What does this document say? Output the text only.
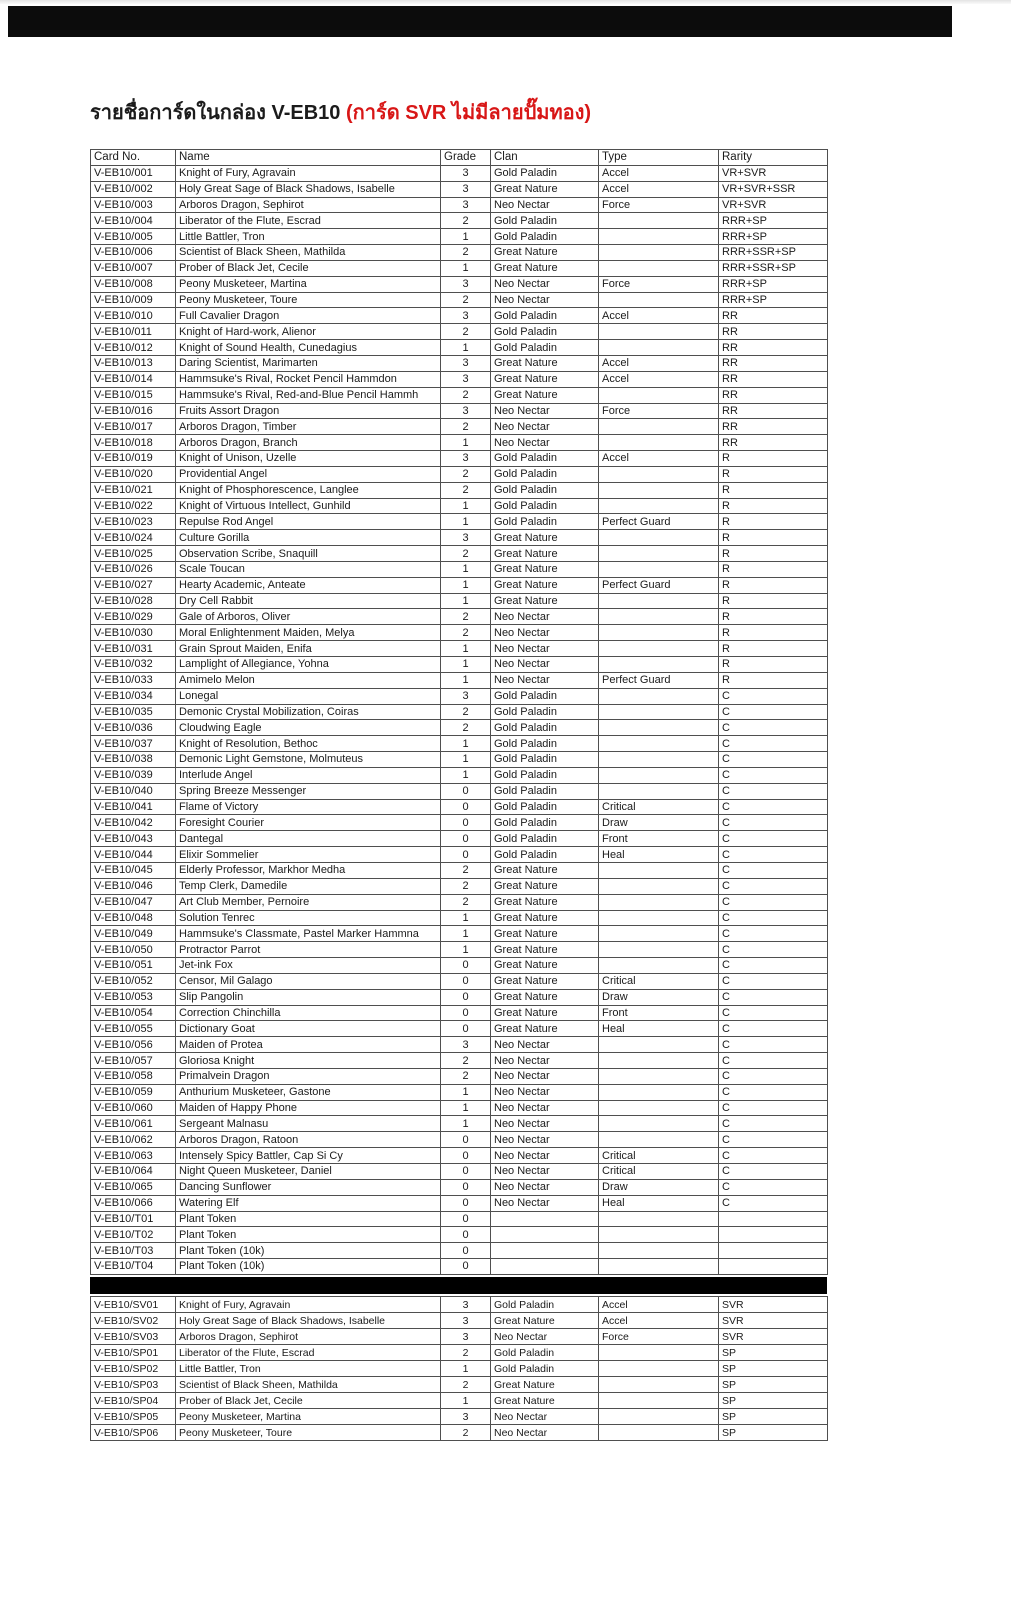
รายชื่อการ์ดในกล่อง V-EB10 (การ์ด SVR ไม่มีลายปั๊มทอง)
Card No.	Name	Grade	Clan	Type	Rarity
V-EB10/001	Knight of Fury, Agravain	3	Gold Paladin	Accel	VR+SVR
V-EB10/002	Holy Great Sage of Black Shadows, Isabelle	3	Great Nature	Accel	VR+SVR+SSR
V-EB10/003	Arboros Dragon, Sephirot	3	Neo Nectar	Force	VR+SVR
V-EB10/004	Liberator of the Flute, Escrad	2	Gold Paladin		RRR+SP
V-EB10/005	Little Battler, Tron	1	Gold Paladin		RRR+SP
V-EB10/006	Scientist of Black Sheen, Mathilda	2	Great Nature		RRR+SSR+SP
V-EB10/007	Prober of Black Jet, Cecile	1	Great Nature		RRR+SSR+SP
V-EB10/008	Peony Musketeer, Martina	3	Neo Nectar	Force	RRR+SP
V-EB10/009	Peony Musketeer, Toure	2	Neo Nectar		RRR+SP
V-EB10/010	Full Cavalier Dragon	3	Gold Paladin	Accel	RR
V-EB10/011	Knight of Hard-work, Alienor	2	Gold Paladin		RR
V-EB10/012	Knight of Sound Health, Cunedagius	1	Gold Paladin		RR
V-EB10/013	Daring Scientist, Marimarten	3	Great Nature	Accel	RR
V-EB10/014	Hammsuke's Rival, Rocket Pencil Hammdon	3	Great Nature	Accel	RR
V-EB10/015	Hammsuke's Rival, Red-and-Blue Pencil Hammh	2	Great Nature		RR
V-EB10/016	Fruits Assort Dragon	3	Neo Nectar	Force	RR
V-EB10/017	Arboros Dragon, Timber	2	Neo Nectar		RR
V-EB10/018	Arboros Dragon, Branch	1	Neo Nectar		RR
V-EB10/019	Knight of Unison, Uzelle	3	Gold Paladin	Accel	R
V-EB10/020	Providential Angel	2	Gold Paladin		R
V-EB10/021	Knight of Phosphorescence, Langlee	2	Gold Paladin		R
V-EB10/022	Knight of Virtuous Intellect, Gunhild	1	Gold Paladin		R
V-EB10/023	Repulse Rod Angel	1	Gold Paladin	Perfect Guard	R
V-EB10/024	Culture Gorilla	3	Great Nature		R
V-EB10/025	Observation Scribe, Snaquill	2	Great Nature		R
V-EB10/026	Scale Toucan	1	Great Nature		R
V-EB10/027	Hearty Academic, Anteate	1	Great Nature	Perfect Guard	R
V-EB10/028	Dry Cell Rabbit	1	Great Nature		R
V-EB10/029	Gale of Arboros, Oliver	2	Neo Nectar		R
V-EB10/030	Moral Enlightenment Maiden, Melya	2	Neo Nectar		R
V-EB10/031	Grain Sprout Maiden, Enifa	1	Neo Nectar		R
V-EB10/032	Lamplight of Allegiance, Yohna	1	Neo Nectar		R
V-EB10/033	Amimelo Melon	1	Neo Nectar	Perfect Guard	R
V-EB10/034	Lonegal	3	Gold Paladin		C
V-EB10/035	Demonic Crystal Mobilization, Coiras	2	Gold Paladin		C
V-EB10/036	Cloudwing Eagle	2	Gold Paladin		C
V-EB10/037	Knight of Resolution, Bethoc	1	Gold Paladin		C
V-EB10/038	Demonic Light Gemstone, Molmuteus	1	Gold Paladin		C
V-EB10/039	Interlude Angel	1	Gold Paladin		C
V-EB10/040	Spring Breeze Messenger	0	Gold Paladin		C
V-EB10/041	Flame of Victory	0	Gold Paladin	Critical	C
V-EB10/042	Foresight Courier	0	Gold Paladin	Draw	C
V-EB10/043	Dantegal	0	Gold Paladin	Front	C
V-EB10/044	Elixir Sommelier	0	Gold Paladin	Heal	C
V-EB10/045	Elderly Professor, Markhor Medha	2	Great Nature		C
V-EB10/046	Temp Clerk, Damedile	2	Great Nature		C
V-EB10/047	Art Club Member, Pernoire	2	Great Nature		C
V-EB10/048	Solution Tenrec	1	Great Nature		C
V-EB10/049	Hammsuke's Classmate, Pastel Marker Hammna	1	Great Nature		C
V-EB10/050	Protractor Parrot	1	Great Nature		C
V-EB10/051	Jet-ink Fox	0	Great Nature		C
V-EB10/052	Censor, Mil Galago	0	Great Nature	Critical	C
V-EB10/053	Slip Pangolin	0	Great Nature	Draw	C
V-EB10/054	Correction Chinchilla	0	Great Nature	Front	C
V-EB10/055	Dictionary Goat	0	Great Nature	Heal	C
V-EB10/056	Maiden of Protea	3	Neo Nectar		C
V-EB10/057	Gloriosa Knight	2	Neo Nectar		C
V-EB10/058	Primalvein Dragon	2	Neo Nectar		C
V-EB10/059	Anthurium Musketeer, Gastone	1	Neo Nectar		C
V-EB10/060	Maiden of Happy Phone	1	Neo Nectar		C
V-EB10/061	Sergeant Malnasu	1	Neo Nectar		C
V-EB10/062	Arboros Dragon, Ratoon	0	Neo Nectar		C
V-EB10/063	Intensely Spicy Battler, Cap Si Cy	0	Neo Nectar	Critical	C
V-EB10/064	Night Queen Musketeer, Daniel	0	Neo Nectar	Critical	C
V-EB10/065	Dancing Sunflower	0	Neo Nectar	Draw	C
V-EB10/066	Watering Elf	0	Neo Nectar	Heal	C
V-EB10/T01	Plant Token	0			
V-EB10/T02	Plant Token	0			
V-EB10/T03	Plant Token (10k)	0			
V-EB10/T04	Plant Token (10k)	0			
V-EB10/SV01	Knight of Fury, Agravain	3	Gold Paladin	Accel	SVR
V-EB10/SV02	Holy Great Sage of Black Shadows, Isabelle	3	Great Nature	Accel	SVR
V-EB10/SV03	Arboros Dragon, Sephirot	3	Neo Nectar	Force	SVR
V-EB10/SP01	Liberator of the Flute, Escrad	2	Gold Paladin		SP
V-EB10/SP02	Little Battler, Tron	1	Gold Paladin		SP
V-EB10/SP03	Scientist of Black Sheen, Mathilda	2	Great Nature		SP
V-EB10/SP04	Prober of Black Jet, Cecile	1	Great Nature		SP
V-EB10/SP05	Peony Musketeer, Martina	3	Neo Nectar		SP
V-EB10/SP06	Peony Musketeer, Toure	2	Neo Nectar		SP
